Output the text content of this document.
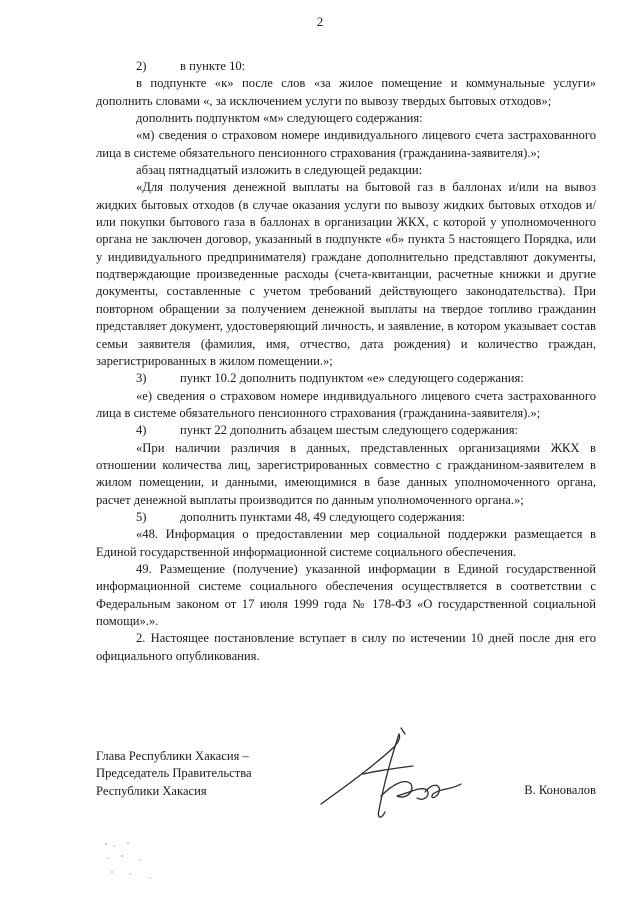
2

2)	в пункте 10:

в подпункте «к» после слов «за жилое помещение и коммунальные услуги» дополнить словами «, за исключением услуги по вывозу твердых бытовых отходов»;

дополнить подпунктом «м» следующего содержания:

«м) сведения о страховом номере индивидуального лицевого счета застрахованного лица в системе обязательного пенсионного страхования (гражданина-заявителя).»;

абзац пятнадцатый изложить в следующей редакции:

«Для получения денежной выплаты на бытовой газ в баллонах и/или на вывоз жидких бытовых отходов (в случае оказания услуги по вывозу жидких бытовых отходов и/или покупки бытового газа в баллонах в организации ЖКХ, с которой у уполномоченного органа не заключен договор, указанный в подпункте «б» пункта 5 настоящего Порядка, или у индивидуального предпринимателя) граждане дополнительно представляют документы, подтверждающие произведенные расходы (счета-квитанции, расчетные книжки и другие документы, составленные с учетом требований действующего законодательства). При повторном обращении за получением денежной выплаты на твердое топливо гражданин представляет документ, удостоверяющий личность, и заявление, в котором указывает состав семьи заявителя (фамилия, имя, отчество, дата рождения) и количество граждан, зарегистрированных в жилом помещении.»;

3)	пункт 10.2 дополнить подпунктом «е» следующего содержания:

«е) сведения о страховом номере индивидуального лицевого счета застрахованного лица в системе обязательного пенсионного страхования (гражданина-заявителя).»;

4)	пункт 22 дополнить абзацем шестым следующего содержания:

«При наличии различия в данных, представленных организациями ЖКХ в отношении количества лиц, зарегистрированных совместно с гражданином-заявителем в жилом помещении, и данными, имеющимися в базе данных уполномоченного органа, расчет денежной выплаты производится по данным уполномоченного органа.»;

5)	дополнить пунктами 48, 49 следующего содержания:

«48. Информация о предоставлении мер социальной поддержки размещается в Единой государственной информационной системе социального обеспечения.

49. Размещение (получение) указанной информации в Единой государственной информационной системе социального обеспечения осуществляется в соответствии с Федеральным законом от 17 июля 1999 года № 178-ФЗ «О государственной социальной помощи».».

2. Настоящее постановление вступает в силу по истечении 10 дней после дня его официального опубликования.

Глава Республики Хакасия –
Председатель Правительства
Республики Хакасия	В. Коновалов
